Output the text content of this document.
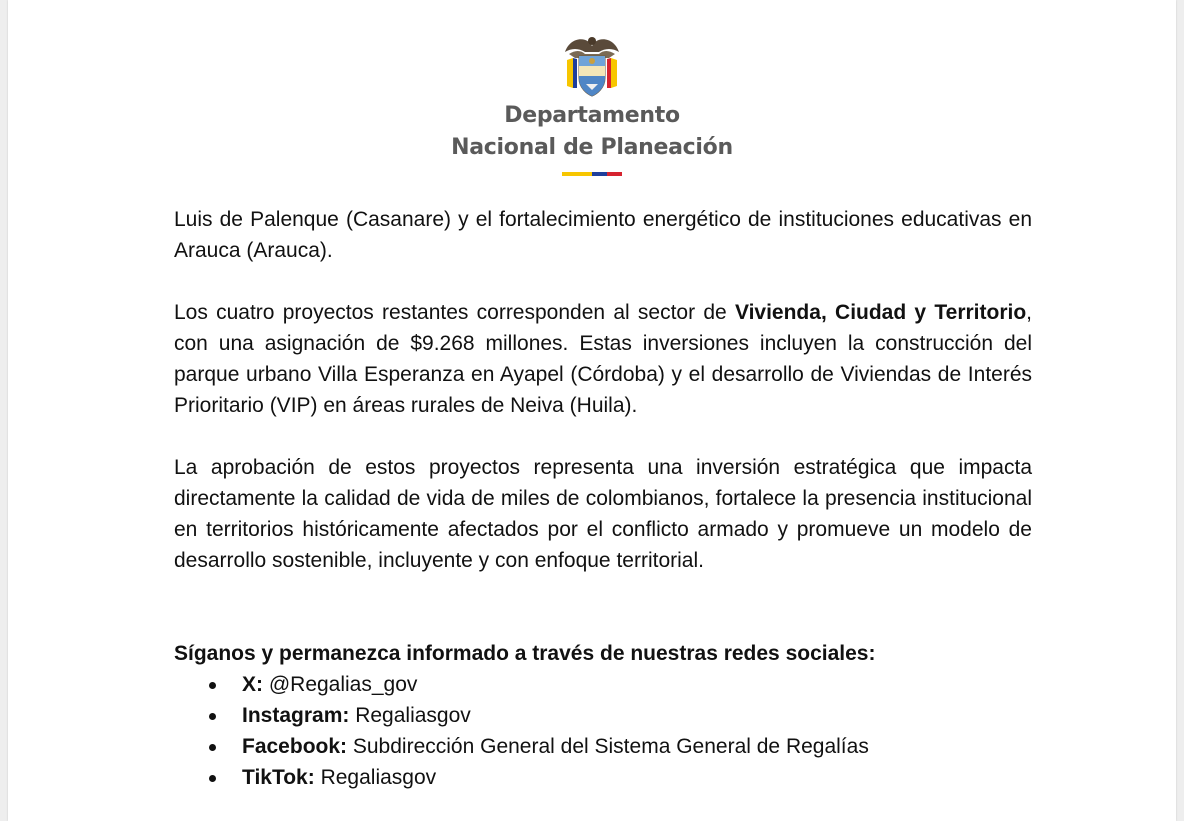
Departamento
Nacional de Planeación

Luis de Palenque (Casanare) y el fortalecimiento energético de instituciones educativas en Arauca (Arauca).

Los cuatro proyectos restantes corresponden al sector de Vivienda, Ciudad y Territorio, con una asignación de $9.268 millones. Estas inversiones incluyen la construcción del parque urbano Villa Esperanza en Ayapel (Córdoba) y el desarrollo de Viviendas de Interés Prioritario (VIP) en áreas rurales de Neiva (Huila).

La aprobación de estos proyectos representa una inversión estratégica que impacta directamente la calidad de vida de miles de colombianos, fortalece la presencia institucional en territorios históricamente afectados por el conflicto armado y promueve un modelo de desarrollo sostenible, incluyente y con enfoque territorial.

Síganos y permanezca informado a través de nuestras redes sociales:
X: @Regalias_gov
Instagram: Regaliasgov
Facebook: Subdirección General del Sistema General de Regalías
TikTok: Regaliasgov
